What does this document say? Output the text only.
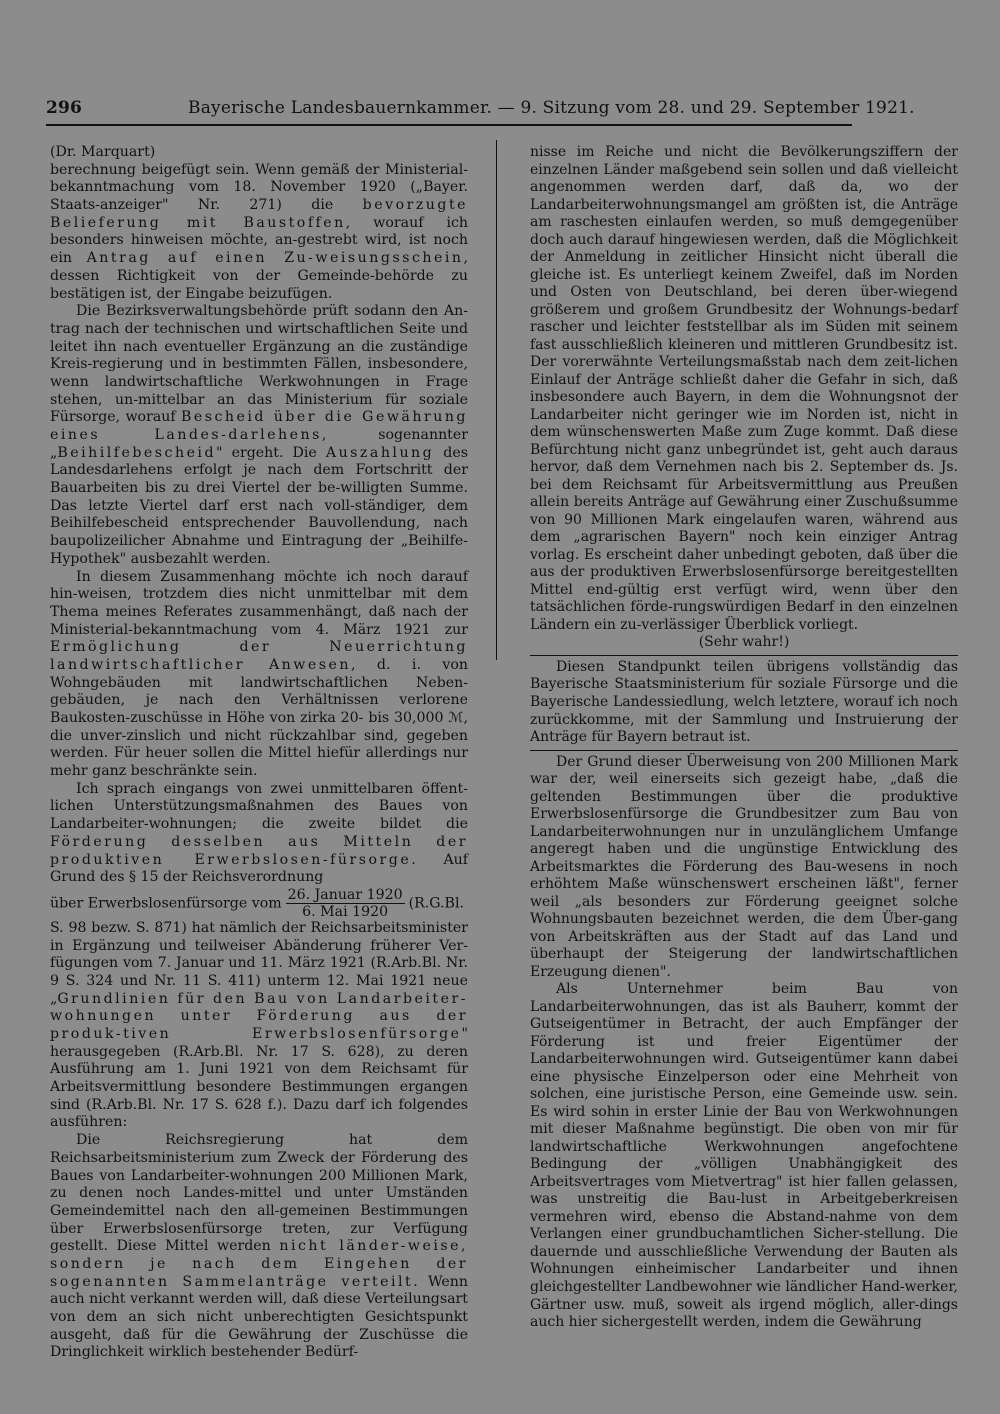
296	Bayerische Landesbauernkammer. — 9. Sitzung vom 28. und 29. September 1921.

(Dr. Marquart)

berechnung beigefügt sein. Wenn gemäß der Ministerial-bekanntmachung vom 18. November 1920 („Bayer. Staats-anzeiger" Nr. 271) die bevorzugte Belieferung mit Baustoffen, worauf ich besonders hinweisen möchte, an-gestrebt wird, ist noch ein Antrag auf einen Zu-weisungsschein, dessen Richtigkeit von der Gemeinde-behörde zu bestätigen ist, der Eingabe beizufügen.

Die Bezirksverwaltungsbehörde prüft sodann den An-trag nach der technischen und wirtschaftlichen Seite und leitet ihn nach eventueller Ergänzung an die zuständige Kreis-regierung und in bestimmten Fällen, insbesondere, wenn landwirtschaftliche Werkwohnungen in Frage stehen, un-mittelbar an das Ministerium für soziale Fürsorge, worauf Bescheid über die Gewährung eines Landes-darlehens, sogenannter „Beihilfebescheid" ergeht. Die Auszahlung des Landesdarlehens erfolgt je nach dem Fortschritt der Bauarbeiten bis zu drei Viertel der be-willigten Summe. Das letzte Viertel darf erst nach voll-ständiger, dem Beihilfebescheid entsprechender Bauvollendung, nach baupolizeilicher Abnahme und Eintragung der „Beihilfe-Hypothek" ausbezahlt werden.

In diesem Zusammenhang möchte ich noch darauf hin-weisen, trotzdem dies nicht unmittelbar mit dem Thema meines Referates zusammenhängt, daß nach der Ministerial-bekanntmachung vom 4. März 1921 zur Ermöglichung der Neuerrichtung landwirtschaftlicher Anwesen, d. i. von Wohngebäuden mit landwirtschaftlichen Neben-gebäuden, je nach den Verhältnissen verlorene Baukosten-zuschüsse in Höhe von zirka 20- bis 30,000 ℳ, die unver-zinslich und nicht rückzahlbar sind, gegeben werden. Für heuer sollen die Mittel hiefür allerdings nur mehr ganz beschränkte sein.

Ich sprach eingangs von zwei unmittelbaren öffent-lichen Unterstützungsmaßnahmen des Baues von Landarbeiter-wohnungen; die zweite bildet die Förderung desselben aus Mitteln der produktiven Erwerbslosen-fürsorge. Auf Grund des § 15 der Reichsverordnung

über Erwerbslosenfürsorge vom $\frac{\text{26. Januar 1920}}{\text{6. Mai 1920}} (R.G.Bl$.

S. 98 bezw. S. 871) hat nämlich der Reichsarbeitsminister in Ergänzung und teilweiser Abänderung früherer Ver-fügungen vom 7. Januar und 11. März 1921 (R.Arb.Bl. Nr. 9 S. 324 und Nr. 11 S. 411) unterm 12. Mai 1921 neue „Grundlinien für den Bau von Landarbeiter-wohnungen unter Förderung aus der produk-tiven Erwerbslosenfürsorge" herausgegeben (R.Arb.Bl. Nr. 17 S. 628), zu deren Ausführung am 1. Juni 1921 von dem Reichsamt für Arbeitsvermittlung besondere Bestimmungen ergangen sind (R.Arb.Bl. Nr. 17 S. 628 f.). Dazu darf ich folgendes ausführen:

Die Reichsregierung hat dem Reichsarbeitsministerium zum Zweck der Förderung des Baues von Landarbeiter-wohnungen 200 Millionen Mark, zu denen noch Landes-mittel und unter Umständen Gemeindemittel nach den all-gemeinen Bestimmungen über Erwerbslosenfürsorge treten, zur Verfügung gestellt. Diese Mittel werden nicht länder-weise, sondern je nach dem Eingehen der sogenannten Sammelanträge verteilt. Wenn auch nicht verkannt werden will, daß diese Verteilungsart von dem an sich nicht unberechtigten Gesichtspunkt ausgeht, daß für die Gewährung der Zuschüsse die Dringlichkeit wirklich bestehender Bedürf-

nisse im Reiche und nicht die Bevölkerungsziffern der einzelnen Länder maßgebend sein sollen und daß vielleicht angenommen werden darf, daß da, wo der Landarbeiterwohnungsmangel am größten ist, die Anträge am raschesten einlaufen werden, so muß demgegenüber doch auch darauf hingewiesen werden, daß die Möglichkeit der Anmeldung in zeitlicher Hinsicht nicht überall die gleiche ist. Es unterliegt keinem Zweifel, daß im Norden und Osten von Deutschland, bei deren über-wiegend größerem und großem Grundbesitz der Wohnungs-bedarf rascher und leichter feststellbar als im Süden mit seinem fast ausschließlich kleineren und mittleren Grundbesitz ist. Der vorerwähnte Verteilungsmaßstab nach dem zeit-lichen Einlauf der Anträge schließt daher die Gefahr in sich, daß insbesondere auch Bayern, in dem die Wohnungsnot der Landarbeiter nicht geringer wie im Norden ist, nicht in dem wünschenswerten Maße zum Zuge kommt. Daß diese Befürchtung nicht ganz unbegründet ist, geht auch daraus hervor, daß dem Vernehmen nach bis 2. September ds. Js. bei dem Reichsamt für Arbeitsvermittlung aus Preußen allein bereits Anträge auf Gewährung einer Zuschußsumme von 90 Millionen Mark eingelaufen waren, während aus dem „agrarischen Bayern" noch kein einziger Antrag vorlag. Es erscheint daher unbedingt geboten, daß über die aus der produktiven Erwerbslosenfürsorge bereitgestellten Mittel end-gültig erst verfügt wird, wenn über den tatsächlichen förde-rungswürdigen Bedarf in den einzelnen Ländern ein zu-verlässiger Überblick vorliegt.

(Sehr wahr!)

Diesen Standpunkt teilen übrigens vollständig das Bayerische Staatsministerium für soziale Fürsorge und die Bayerische Landessiedlung, welch letztere, worauf ich noch zurückkomme, mit der Sammlung und Instruierung der Anträge für Bayern betraut ist.

Der Grund dieser Überweisung von 200 Millionen Mark war der, weil einerseits sich gezeigt habe, „daß die geltenden Bestimmungen über die produktive Erwerbslosenfürsorge die Grundbesitzer zum Bau von Landarbeiterwohnungen nur in unzulänglichem Umfange angeregt haben und die ungünstige Entwicklung des Arbeitsmarktes die Förderung des Bau-wesens in noch erhöhtem Maße wünschenswert erscheinen läßt", ferner weil „als besonders zur Förderung geeignet solche Wohnungsbauten bezeichnet werden, die dem Über-gang von Arbeitskräften aus der Stadt auf das Land und überhaupt der Steigerung der landwirtschaftlichen Erzeugung dienen".

Als Unternehmer beim Bau von Landarbeiterwohnungen, das ist als Bauherr, kommt der Gutseigentümer in Betracht, der auch Empfänger der Förderung ist und freier Eigentümer der Landarbeiterwohnungen wird. Gutseigentümer kann dabei eine physische Einzelperson oder eine Mehrheit von solchen, eine juristische Person, eine Gemeinde usw. sein. Es wird sohin in erster Linie der Bau von Werkwohnungen mit dieser Maßnahme begünstigt. Die oben von mir für landwirtschaftliche Werkwohnungen angefochtene Bedingung der „völligen Unabhängigkeit des Arbeitsvertrages vom Mietvertrag" ist hier fallen gelassen, was unstreitig die Bau-lust in Arbeitgeberkreisen vermehren wird, ebenso die Abstand-nahme von dem Verlangen einer grundbuchamtlichen Sicher-stellung. Die dauernde und ausschließliche Verwendung der Bauten als Wohnungen einheimischer Landarbeiter und ihnen gleichgestellter Landbewohner wie ländlicher Hand-werker, Gärtner usw. muß, soweit als irgend möglich, aller-dings auch hier sichergestellt werden, indem die Gewährung
